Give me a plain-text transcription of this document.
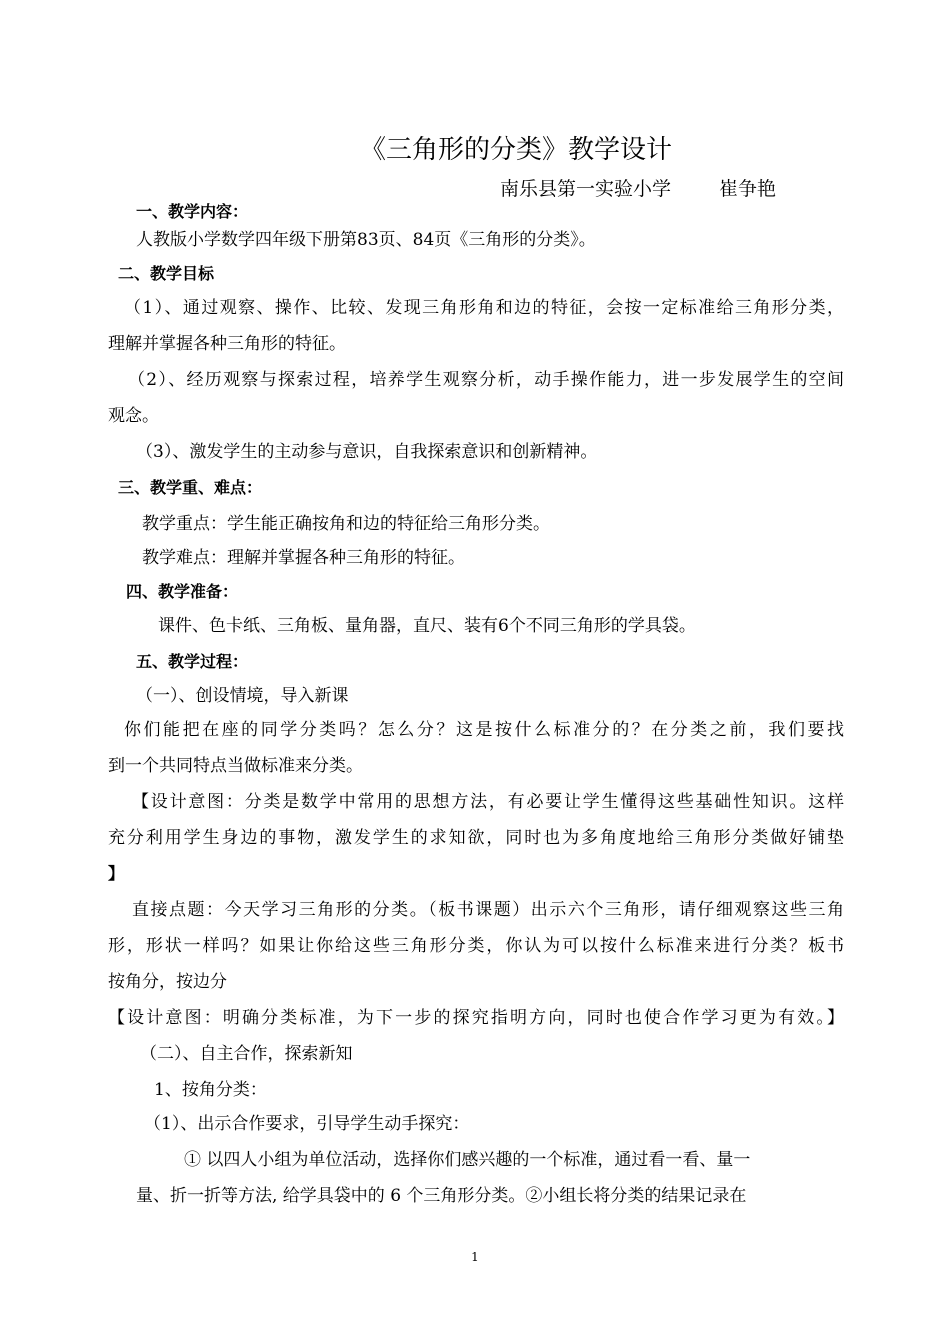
《三角形的分类》教学设计
南乐县第一实验小学	崔争艳
一、教学内容：
人教版小学数学四年级下册第83页、84页《三角形的分类》。
二、教学目标
（1）、通过观察、操作、比较、发现三角形角和边的特征，会按一定标准给三角形分类，
理解并掌握各种三角形的特征。
（2）、经历观察与探索过程，培养学生观察分析，动手操作能力，进一步发展学生的空间
观念。
（3）、激发学生的主动参与意识，自我探索意识和创新精神。
三、教学重、难点：
教学重点：学生能正确按角和边的特征给三角形分类。
教学难点：理解并掌握各种三角形的特征。
四、教学准备：
课件、色卡纸、三角板、量角器，直尺、装有6个不同三角形的学具袋。
五、教学过程：
（一）、创设情境，导入新课
你们能把在座的同学分类吗？怎么分？这是按什么标准分的？在分类之前，我们要找
到一个共同特点当做标准来分类。
【设计意图：分类是数学中常用的思想方法，有必要让学生懂得这些基础性知识。这样
充分利用学生身边的事物，激发学生的求知欲，同时也为多角度地给三角形分类做好铺垫
】
直接点题：今天学习三角形的分类。（板书课题）出示六个三角形，请仔细观察这些三角
形，形状一样吗？如果让你给这些三角形分类，你认为可以按什么标准来进行分类？板书
按角分，按边分
【设计意图：明确分类标准，为下一步的探究指明方向，同时也使合作学习更为有效。】
（二）、自主合作，探索新知
1、按角分类：
（1）、出示合作要求，引导学生动手探究：
① 以四人小组为单位活动，选择你们感兴趣的一个标准，通过看一看、量一
量、折一折等方法, 给学具袋中的 6 个三角形分类。②小组长将分类的结果记录在
1
